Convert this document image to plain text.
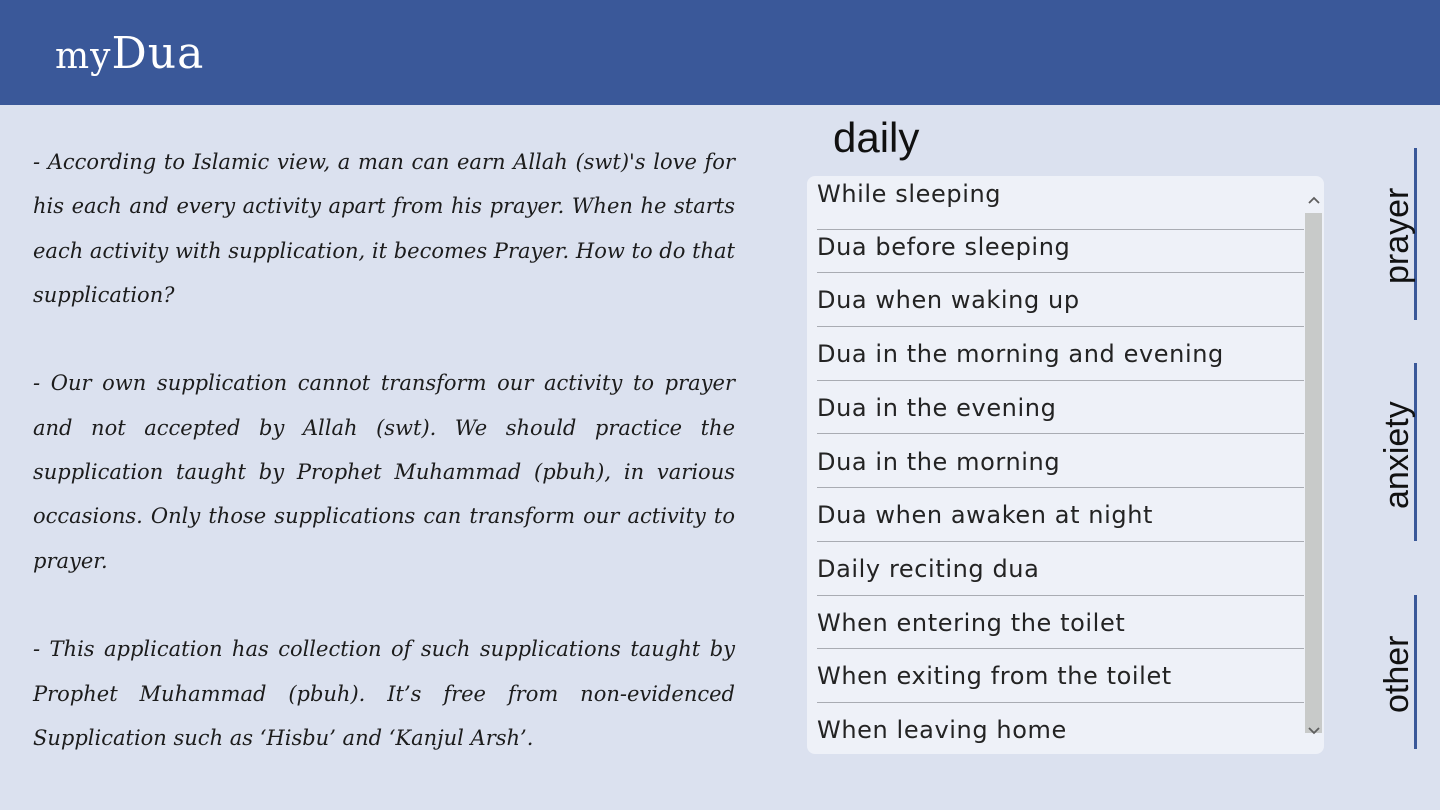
myDua

- According to Islamic view, a man can earn Allah (swt)'s love for his each and every activity apart from his prayer. When he starts each activity with supplication, it becomes Prayer. How to do that supplication?

- Our own supplication cannot transform our activity to prayer and not accepted by Allah (swt). We should practice the supplication taught by Prophet Muhammad (pbuh), in various occasions. Only those supplications can transform our activity to prayer.

- This application has collection of such supplications taught by Prophet Muhammad (pbuh). It’s free from non-evidenced Supplication such as ‘Hisbu’ and ‘Kanjul Arsh’.

daily
While sleeping
Dua before sleeping
Dua when waking up
Dua in the morning and evening
Dua in the evening
Dua in the morning
Dua when awaken at night
Daily reciting dua
When entering the toilet
When exiting from the toilet
When leaving home
prayer
anxiety
other
